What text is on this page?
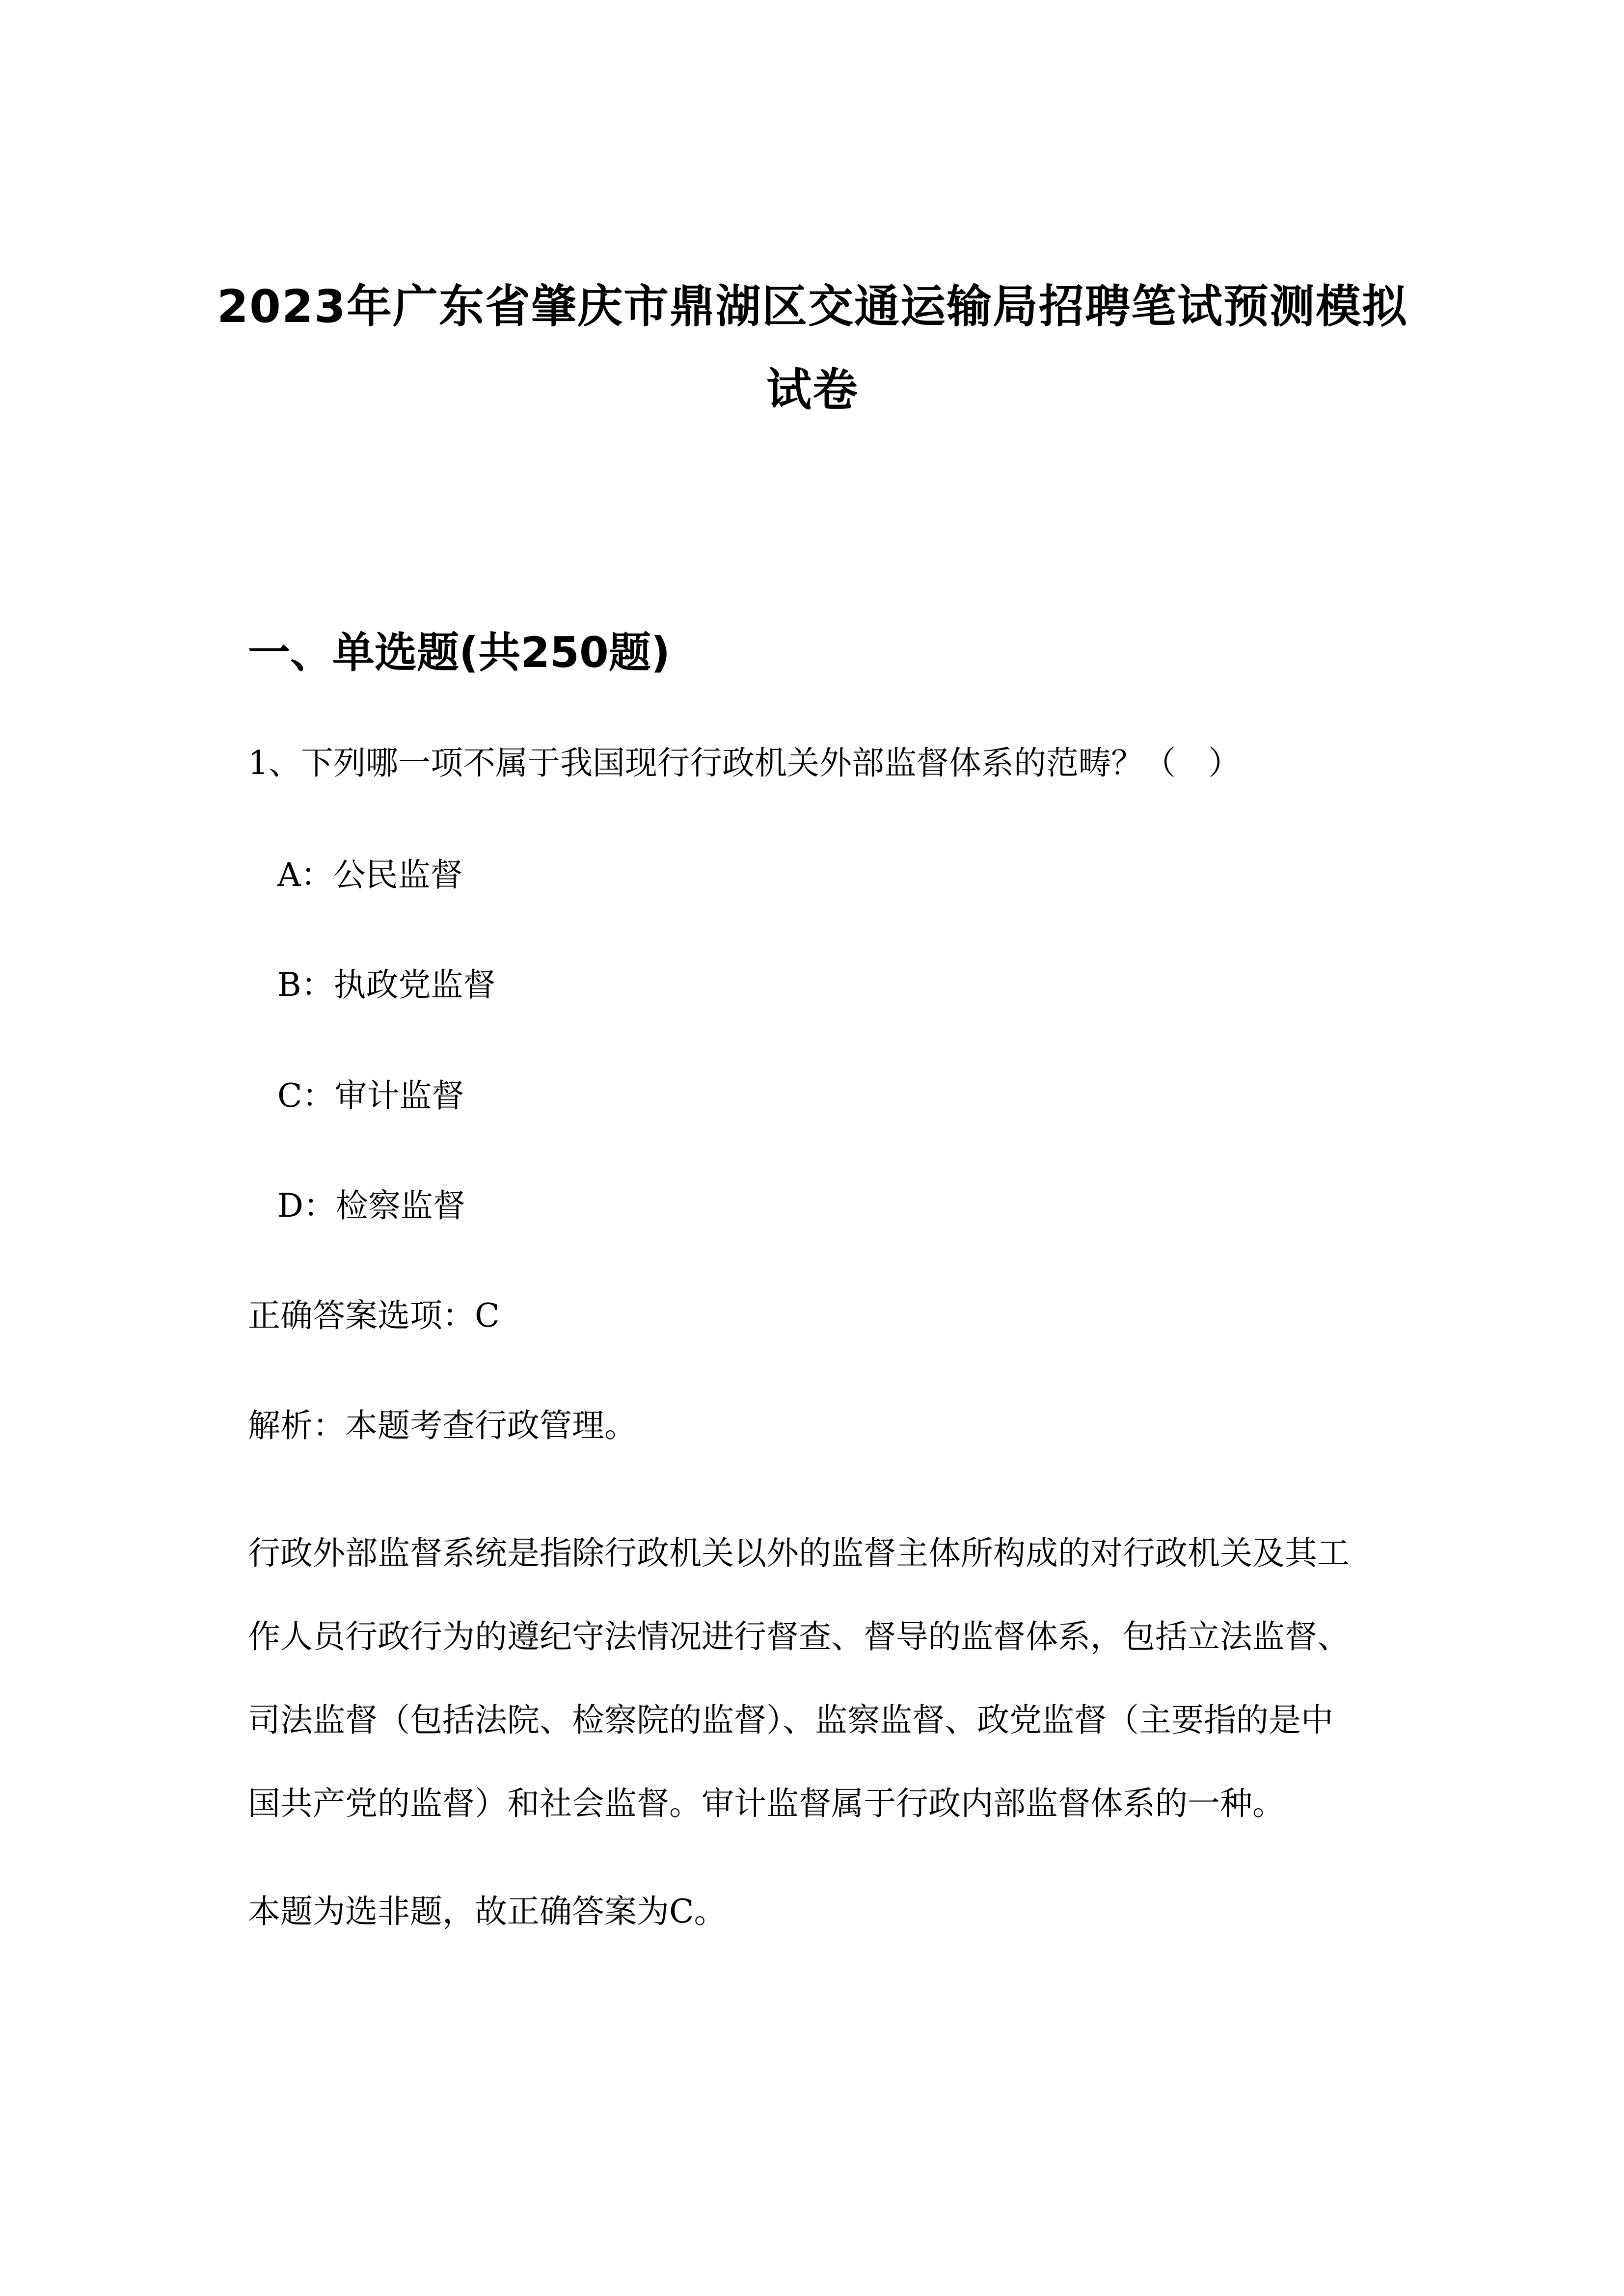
2023年广东省肇庆市鼎湖区交通运输局招聘笔试预测模拟
试卷
一、单选题(共250题)
1、下列哪一项不属于我国现行行政机关外部监督体系的范畴？（　）
A：公民监督
B：执政党监督
C：审计监督
D：检察监督
正确答案选项：C
解析：本题考查行政管理。
行政外部监督系统是指除行政机关以外的监督主体所构成的对行政机关及其工
作人员行政行为的遵纪守法情况进行督查、督导的监督体系，包括立法监督、
司法监督（包括法院、检察院的监督）、监察监督、政党监督（主要指的是中
国共产党的监督）和社会监督。审计监督属于行政内部监督体系的一种。
本题为选非题，故正确答案为C。
